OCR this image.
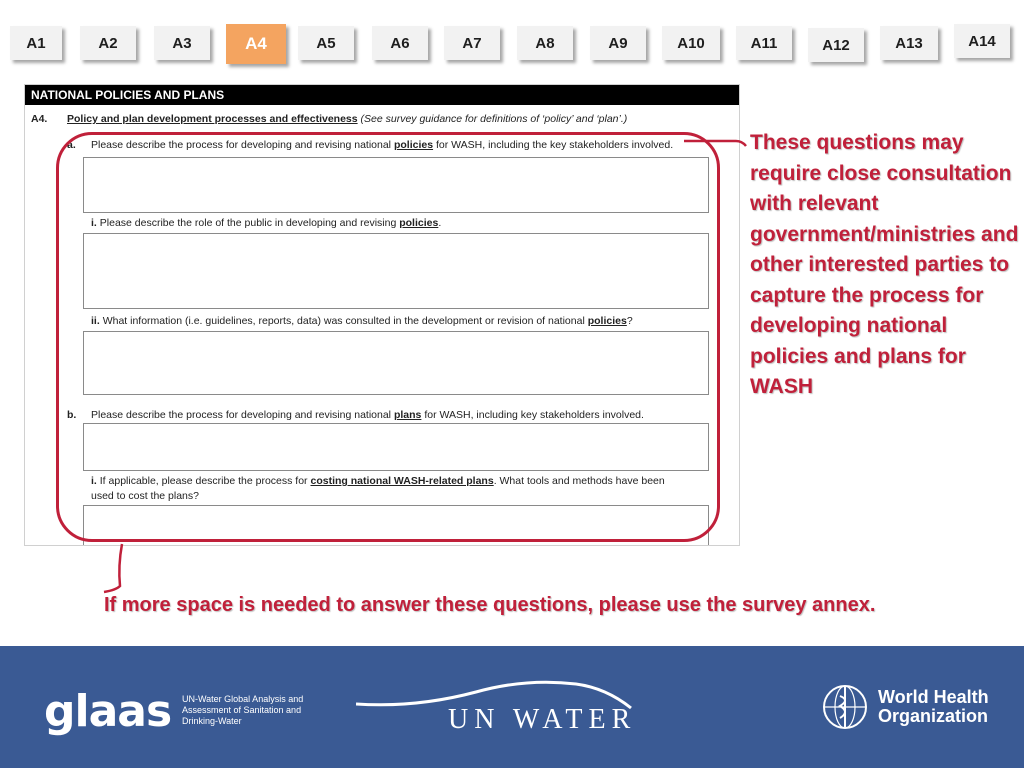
A1	A2	A3	A4	A5	A6	A7	A8	A9	A10	A11	A12	A13	A14
NATIONAL POLICIES AND PLANS
A4. Policy and plan development processes and effectiveness (See survey guidance for definitions of ‘policy’ and ‘plan’.)
a. Please describe the process for developing and revising national policies for WASH, including the key stakeholders involved.
i. Please describe the role of the public in developing and revising policies.
ii. What information (i.e. guidelines, reports, data) was consulted in the development or revision of national policies?
b. Please describe the process for developing and revising national plans for WASH, including key stakeholders involved.
i. If applicable, please describe the process for costing national WASH-related plans. What tools and methods have been
used to cost the plans?
These questions may require close consultation with relevant government/ministries and other interested parties to capture the process for developing national policies and plans for WASH
If more space is needed to answer these questions, please use the survey annex.
glaas UN-Water Global Analysis and Assessment of Sanitation and Drinking-Water	UN WATER
World Health
Organization
